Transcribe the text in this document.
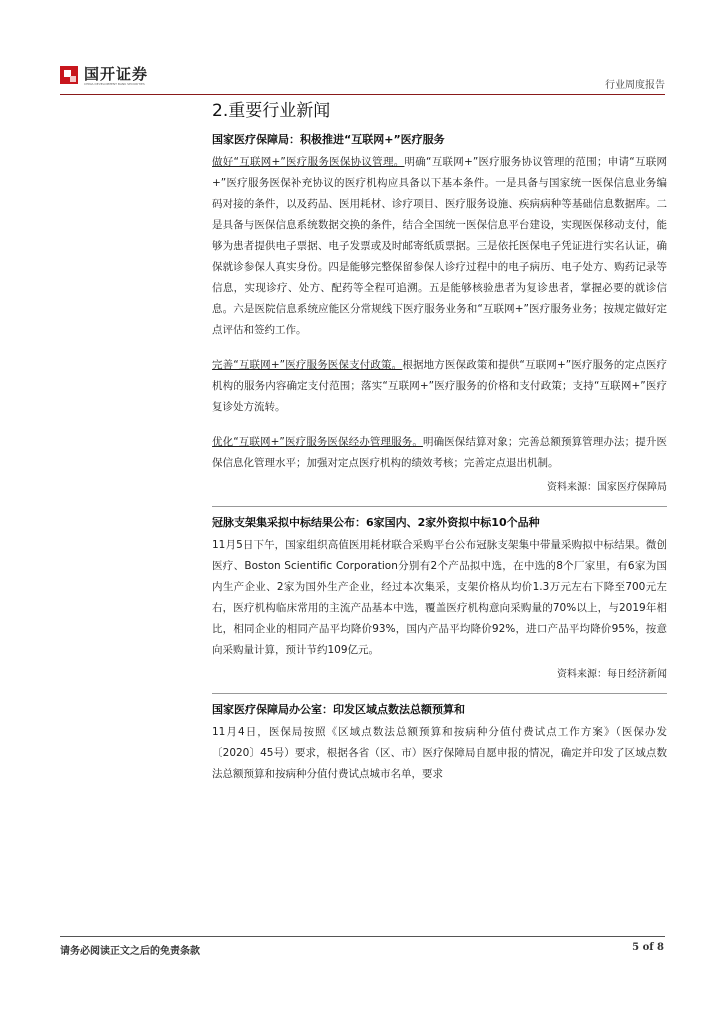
国开证券
CHINA DEVELOPMENT BANK SECURITIES	行业周度报告
2.重要行业新闻
国家医疗保障局：积极推进“互联网+”医疗服务

做好“互联网+”医疗服务医保协议管理。明确“互联网+”医疗服务协议管理的范围；申请“互联网+”医疗服务医保补充协议的医疗机构应具备以下基本条件。一是具备与国家统一医保信息业务编码对接的条件，以及药品、医用耗材、诊疗项目、医疗服务设施、疾病病种等基础信息数据库。二是具备与医保信息系统数据交换的条件，结合全国统一医保信息平台建设，实现医保移动支付，能够为患者提供电子票据、电子发票或及时邮寄纸质票据。三是依托医保电子凭证进行实名认证，确保就诊参保人真实身份。四是能够完整保留参保人诊疗过程中的电子病历、电子处方、购药记录等信息，实现诊疗、处方、配药等全程可追溯。五是能够核验患者为复诊患者，掌握必要的就诊信息。六是医院信息系统应能区分常规线下医疗服务业务和“互联网+”医疗服务业务；按规定做好定点评估和签约工作。

完善“互联网+”医疗服务医保支付政策。根据地方医保政策和提供“互联网+”医疗服务的定点医疗机构的服务内容确定支付范围；落实“互联网+”医疗服务的价格和支付政策；支持“互联网+”医疗复诊处方流转。

优化“互联网+”医疗服务医保经办管理服务。明确医保结算对象；完善总额预算管理办法；提升医保信息化管理水平；加强对定点医疗机构的绩效考核；完善定点退出机制。

资料来源：国家医疗保障局
冠脉支架集采拟中标结果公布：6家国内、2家外资拟中标10个品种

11月5日下午，国家组织高值医用耗材联合采购平台公布冠脉支架集中带量采购拟中标结果。微创医疗、Boston Scientific Corporation分别有2个产品拟中选，在中选的8个厂家里，有6家为国内生产企业、2家为国外生产企业，经过本次集采，支架价格从均价1.3万元左右下降至700元左右，医疗机构临床常用的主流产品基本中选，覆盖医疗机构意向采购量的70%以上，与2019年相比，相同企业的相同产品平均降价93%，国内产品平均降价92%，进口产品平均降价95%，按意向采购量计算，预计节约109亿元。

资料来源：每日经济新闻
国家医疗保障局办公室：印发区域点数法总额预算和

11月4日，医保局按照《区域点数法总额预算和按病种分值付费试点工作方案》（医保办发〔2020〕45号）要求，根据各省（区、市）医疗保障局自愿申报的情况，确定并印发了区域点数法总额预算和按病种分值付费试点城市名单，要求

请务必阅读正文之后的免责条款	5 of 8
